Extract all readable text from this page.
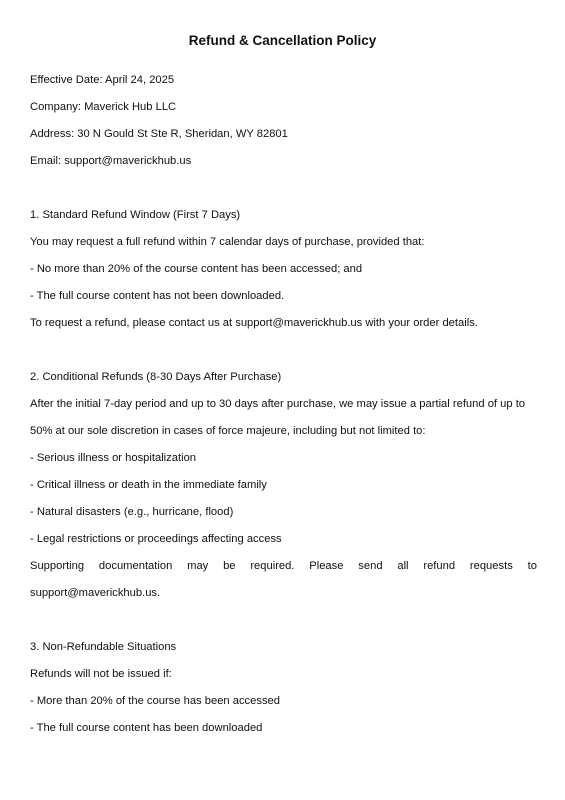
Refund & Cancellation Policy

Effective Date: April 24, 2025

Company: Maverick Hub LLC

Address: 30 N Gould St Ste R, Sheridan, WY 82801

Email: support@maverickhub.us

1. Standard Refund Window (First 7 Days)

You may request a full refund within 7 calendar days of purchase, provided that:

- No more than 20% of the course content has been accessed; and

- The full course content has not been downloaded.

To request a refund, please contact us at support@maverickhub.us with your order details.

2. Conditional Refunds (8-30 Days After Purchase)

After the initial 7-day period and up to 30 days after purchase, we may issue a partial refund of up to

50% at our sole discretion in cases of force majeure, including but not limited to:

- Serious illness or hospitalization

- Critical illness or death in the immediate family

- Natural disasters (e.g., hurricane, flood)

- Legal restrictions or proceedings affecting access

Supporting documentation may be required. Please send all refund requests to

support@maverickhub.us.

3. Non-Refundable Situations

Refunds will not be issued if:

- More than 20% of the course has been accessed

- The full course content has been downloaded
